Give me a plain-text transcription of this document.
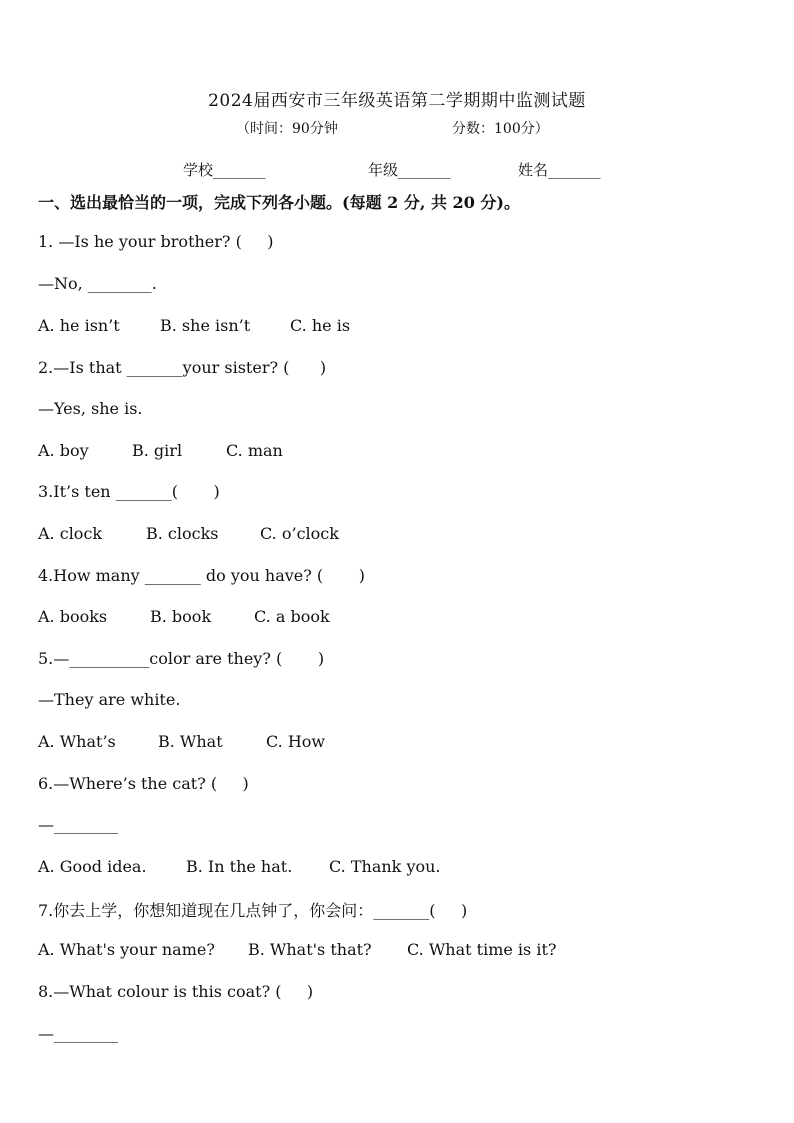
2024届西安市三年级英语第二学期期中监测试题
（时间：90分钟	分数：100分）
学校_______	年级_______	姓名_______
一、选出最恰当的一项，完成下列各小题。(每题 2 分, 共 20 分)。
1. —Is he your brother? (     )
—No, ________.
A. he isn’t	B. she isn’t C. he is
2.—Is that _______your sister? (      )
—Yes, she is.
A. boy	B. girl	C. man
3.It’s ten _______(       )
A. clock	B. clocks	C. o’clock
4.How many _______ do you have? (       )
A. books	B. book	C. a book
5.—__________color are they? (       )
—They are white.
A. What’s	B. What	C. How
6.—Where’s the cat? (     )
—________
A. Good idea. B. In the hat. C. Thank you.
7.你去上学，你想知道现在几点钟了，你会问：_______(     )
A. What's your name? B. What's that? C. What time is it?
8.—What colour is this coat? (     )
—________
